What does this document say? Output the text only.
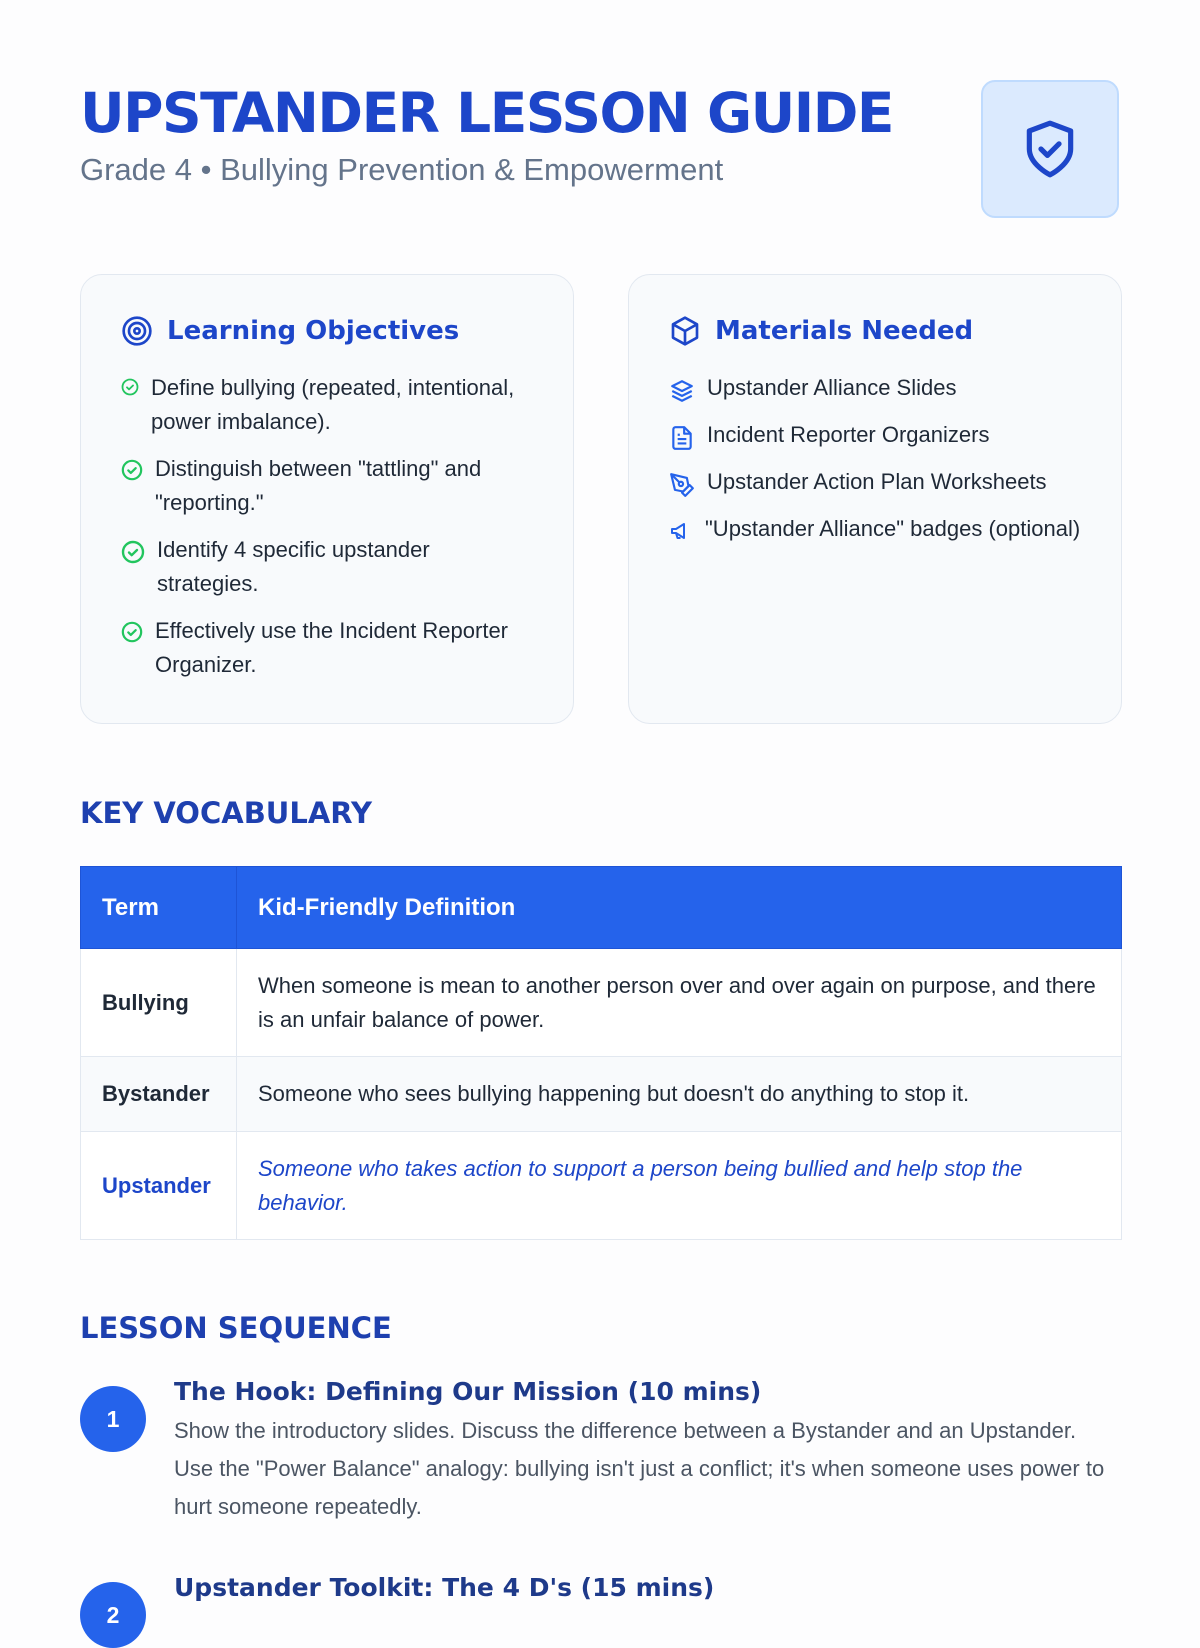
UPSTANDER LESSON GUIDE
Grade 4 • Bullying Prevention & Empowerment
Learning Objectives
Define bullying (repeated, intentional, power imbalance).
Distinguish between "tattling" and "reporting."
Identify 4 specific upstander strategies.
Effectively use the Incident Reporter Organizer.
Materials Needed
Upstander Alliance Slides
Incident Reporter Organizers
Upstander Action Plan Worksheets
"Upstander Alliance" badges (optional)
KEY VOCABULARY
Term	Kid-Friendly Definition
Bullying	When someone is mean to another person over and over again on purpose, and there is an unfair balance of power.
Bystander	Someone who sees bullying happening but doesn't do anything to stop it.
Upstander	Someone who takes action to support a person being bullied and help stop the behavior.
LESSON SEQUENCE
1
The Hook: Defining Our Mission (10 mins)
Show the introductory slides. Discuss the difference between a Bystander and an Upstander. Use the "Power Balance" analogy: bullying isn't just a conflict; it's when someone uses power to hurt someone repeatedly.
2
Upstander Toolkit: The 4 D's (15 mins)
